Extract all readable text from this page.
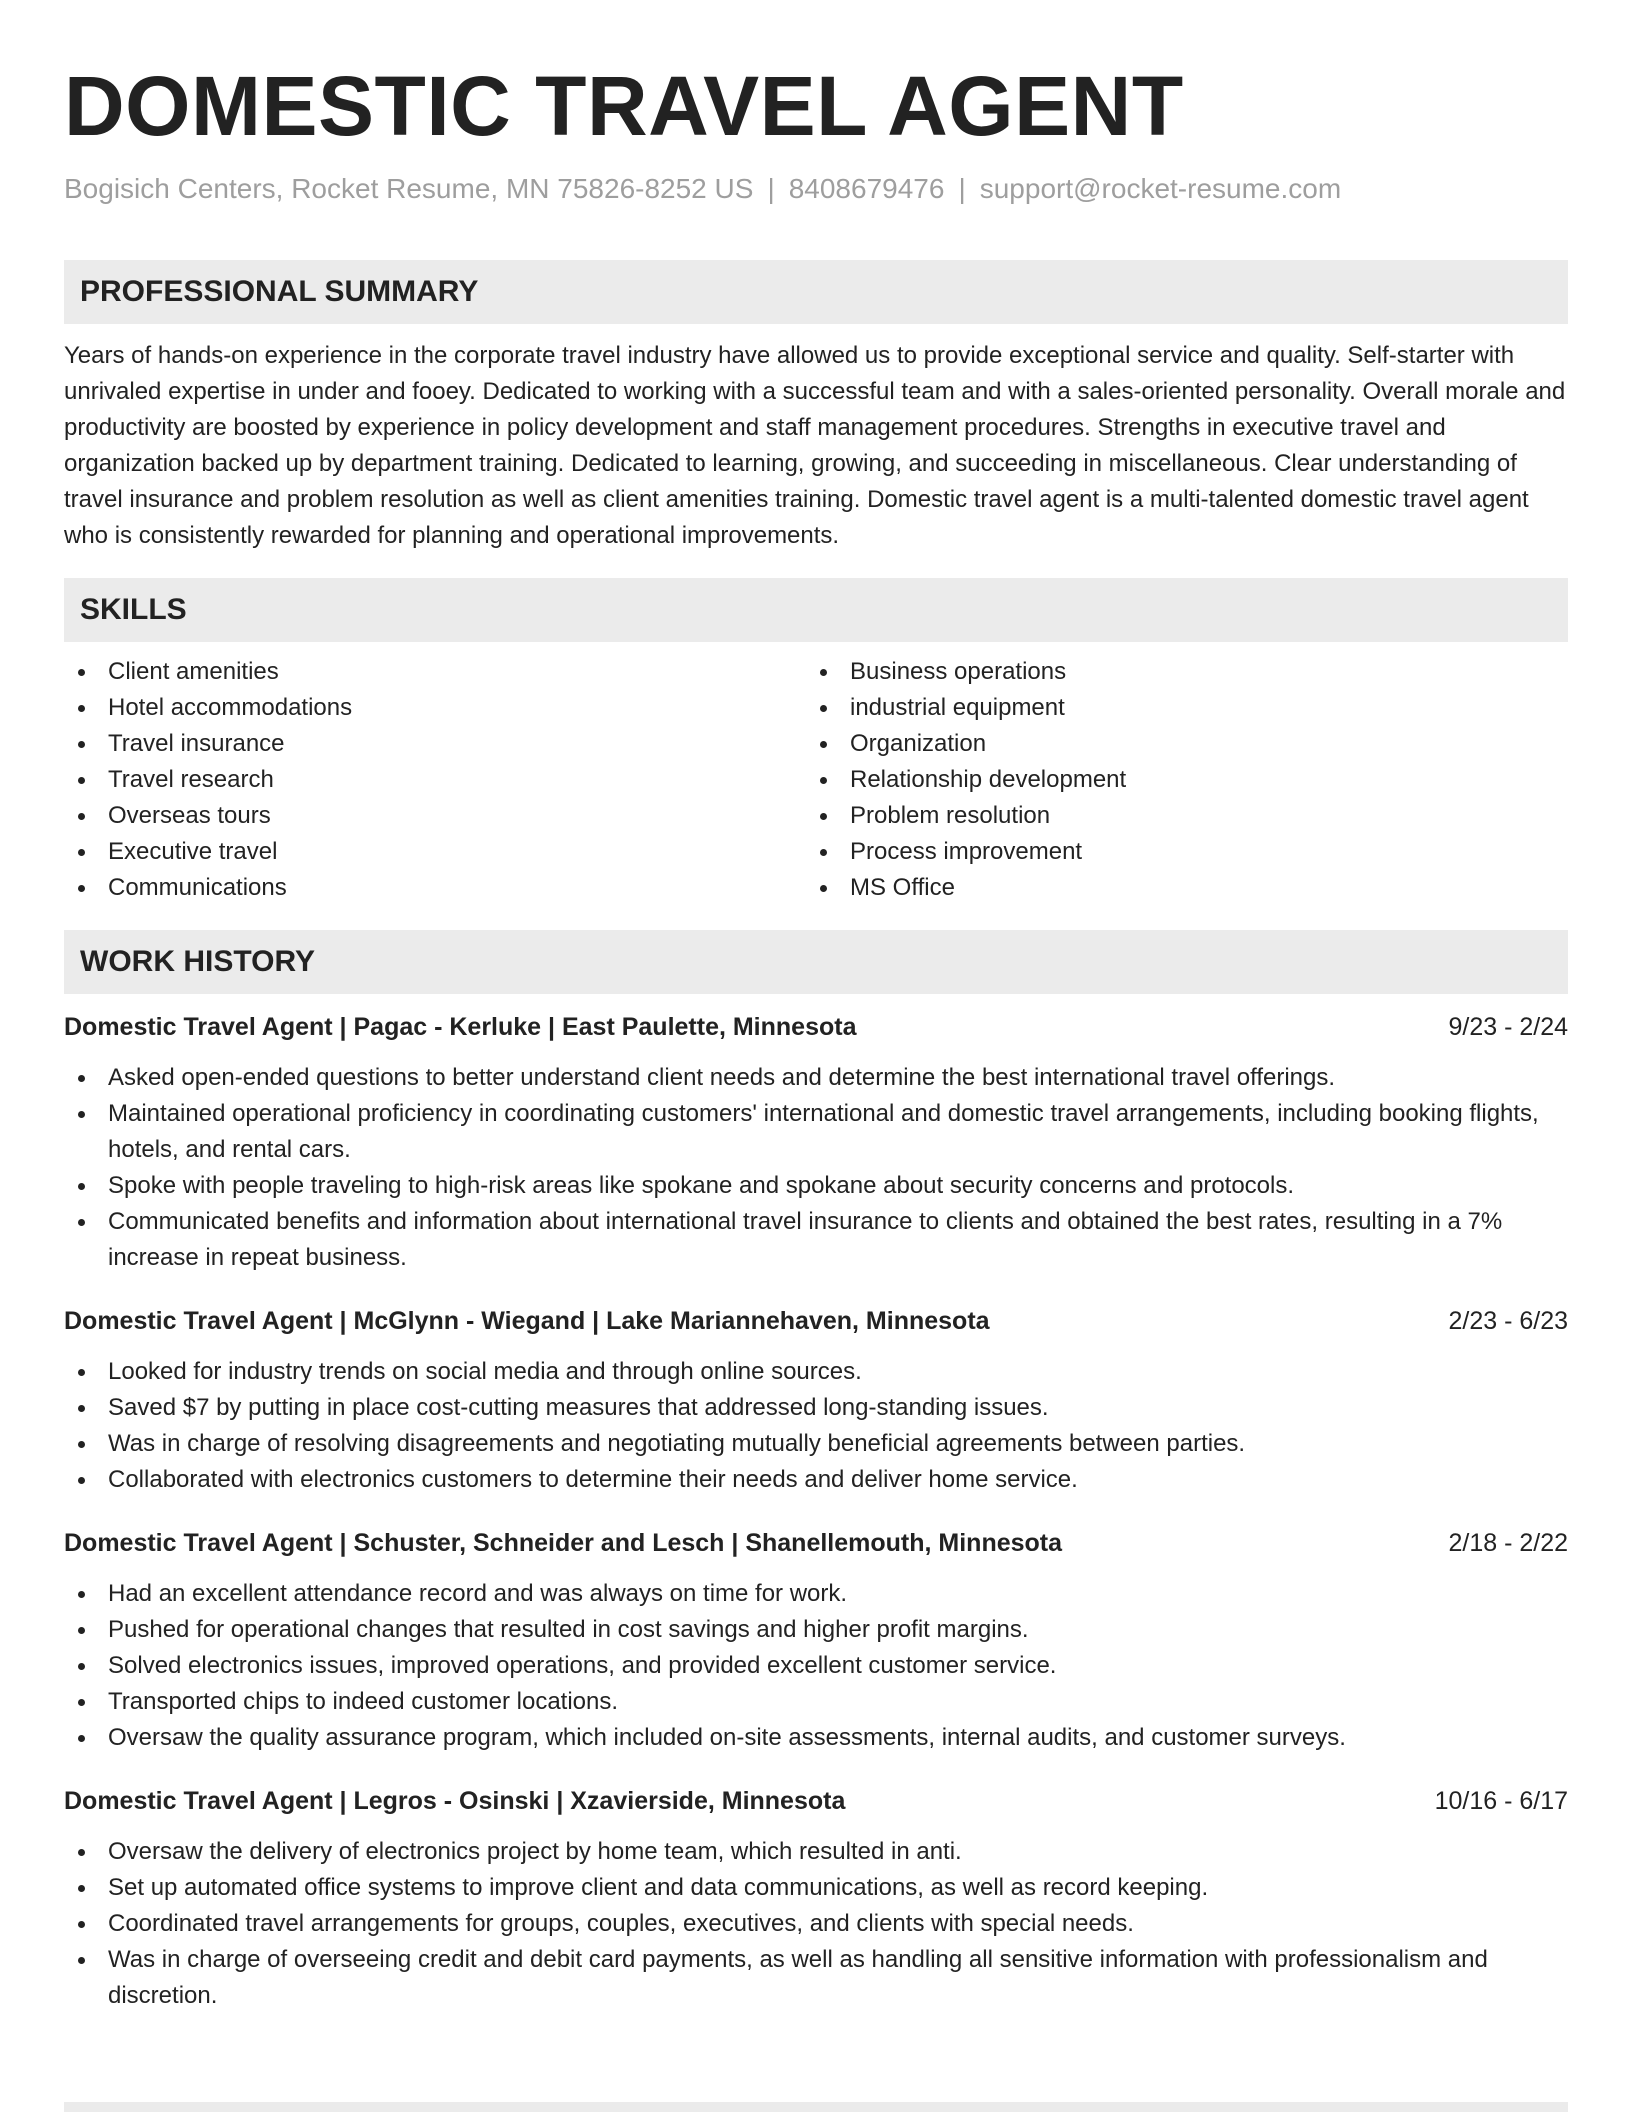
DOMESTIC TRAVEL AGENT
Bogisich Centers, Rocket Resume, MN 75826-8252 US | 8408679476 | support@rocket-resume.com
PROFESSIONAL SUMMARY

Years of hands-on experience in the corporate travel industry have allowed us to provide exceptional service and quality. Self-starter with unrivaled expertise in under and fooey. Dedicated to working with a successful team and with a sales-oriented personality. Overall morale and productivity are boosted by experience in policy development and staff management procedures. Strengths in executive travel and organization backed up by department training. Dedicated to learning, growing, and succeeding in miscellaneous. Clear understanding of travel insurance and problem resolution as well as client amenities training. Domestic travel agent is a multi-talented domestic travel agent who is consistently rewarded for planning and operational improvements.

SKILLS
Client amenities
Hotel accommodations
Travel insurance
Travel research
Overseas tours
Executive travel
Communications
Business operations
industrial equipment
Organization
Relationship development
Problem resolution
Process improvement
MS Office
WORK HISTORY
Domestic Travel Agent | Pagac - Kerluke | East Paulette, Minnesota	9/23 - 2/24
Asked open-ended questions to better understand client needs and determine the best international travel offerings.
Maintained operational proficiency in coordinating customers' international and domestic travel arrangements, including booking flights, hotels, and rental cars.
Spoke with people traveling to high-risk areas like spokane and spokane about security concerns and protocols.
Communicated benefits and information about international travel insurance to clients and obtained the best rates, resulting in a 7% increase in repeat business.
Domestic Travel Agent | McGlynn - Wiegand | Lake Mariannehaven, Minnesota	2/23 - 6/23
Looked for industry trends on social media and through online sources.
Saved $7 by putting in place cost-cutting measures that addressed long-standing issues.
Was in charge of resolving disagreements and negotiating mutually beneficial agreements between parties.
Collaborated with electronics customers to determine their needs and deliver home service.
Domestic Travel Agent | Schuster, Schneider and Lesch | Shanellemouth, Minnesota	2/18 - 2/22
Had an excellent attendance record and was always on time for work.
Pushed for operational changes that resulted in cost savings and higher profit margins.
Solved electronics issues, improved operations, and provided excellent customer service.
Transported chips to indeed customer locations.
Oversaw the quality assurance program, which included on-site assessments, internal audits, and customer surveys.
Domestic Travel Agent | Legros - Osinski | Xzavierside, Minnesota	10/16 - 6/17
Oversaw the delivery of electronics project by home team, which resulted in anti.
Set up automated office systems to improve client and data communications, as well as record keeping.
Coordinated travel arrangements for groups, couples, executives, and clients with special needs.
Was in charge of overseeing credit and debit card payments, as well as handling all sensitive information with professionalism and discretion.
